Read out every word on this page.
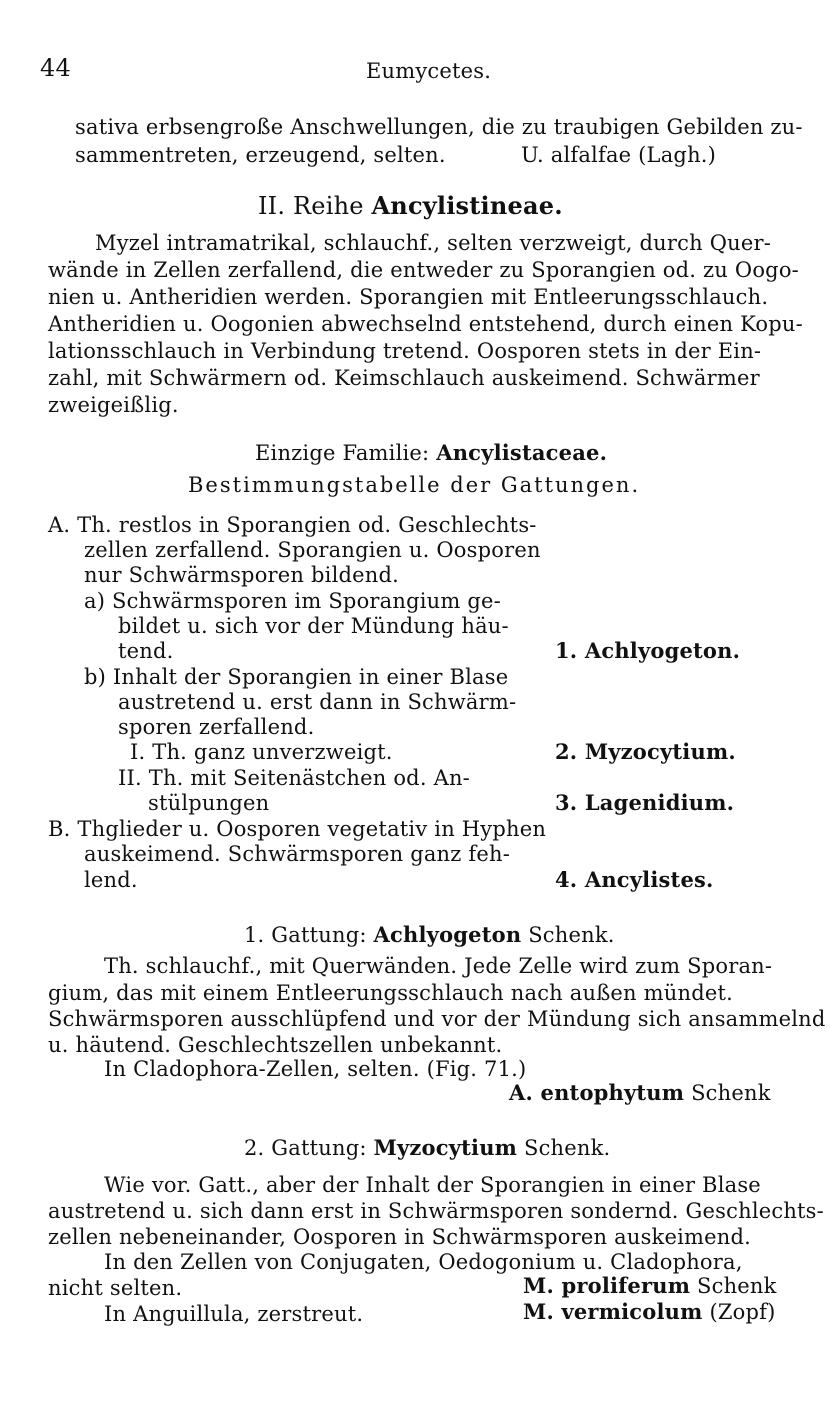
44	Eumycetes.
sativa erbsengroße Anschwellungen, die zu traubigen Gebilden zu-
sammentreten, erzeugend, selten.	U. alfalfae (Lagh.)
II. Reihe Ancylistineae.
Myzel intramatrikal, schlauchf., selten verzweigt, durch Quer-
wände in Zellen zerfallend, die entweder zu Sporangien od. zu Oogo-
nien u. Antheridien werden. Sporangien mit Entleerungsschlauch.
Antheridien u. Oogonien abwechselnd entstehend, durch einen Kopu-
lationsschlauch in Verbindung tretend. Oosporen stets in der Ein-
zahl, mit Schwärmern od. Keimschlauch auskeimend. Schwärmer
zweigeißlig.
Einzige Familie: Ancylistaceae.
Bestimmungstabelle der Gattungen.
A. Th. restlos in Sporangien od. Geschlechts-
zellen zerfallend. Sporangien u. Oosporen
nur Schwärmsporen bildend.
a) Schwärmsporen im Sporangium ge-
bildet u. sich vor der Mündung häu-
tend.	1. Achlyogeton.
b) Inhalt der Sporangien in einer Blase
austretend u. erst dann in Schwärm-
sporen zerfallend.
I. Th. ganz unverzweigt.	2. Myzocytium.
II. Th. mit Seitenästchen od. An-
stülpungen	3. Lagenidium.
B. Thglieder u. Oosporen vegetativ in Hyphen
auskeimend. Schwärmsporen ganz feh-
lend.	4. Ancylistes.
1. Gattung: Achlyogeton Schenk.
Th. schlauchf., mit Querwänden. Jede Zelle wird zum Sporan-
gium, das mit einem Entleerungsschlauch nach außen mündet.
Schwärmsporen ausschlüpfend und vor der Mündung sich ansammelnd
u. häutend. Geschlechtszellen unbekannt.
In Cladophora-Zellen, selten. (Fig. 71.)
A. entophytum Schenk
2. Gattung: Myzocytium Schenk.
Wie vor. Gatt., aber der Inhalt der Sporangien in einer Blase
austretend u. sich dann erst in Schwärmsporen sondernd. Geschlechts-
zellen nebeneinander, Oosporen in Schwärmsporen auskeimend.
In den Zellen von Conjugaten, Oedogonium u. Cladophora,
nicht selten.	M. proliferum Schenk
In Anguillula, zerstreut.	M. vermicolum (Zopf)
